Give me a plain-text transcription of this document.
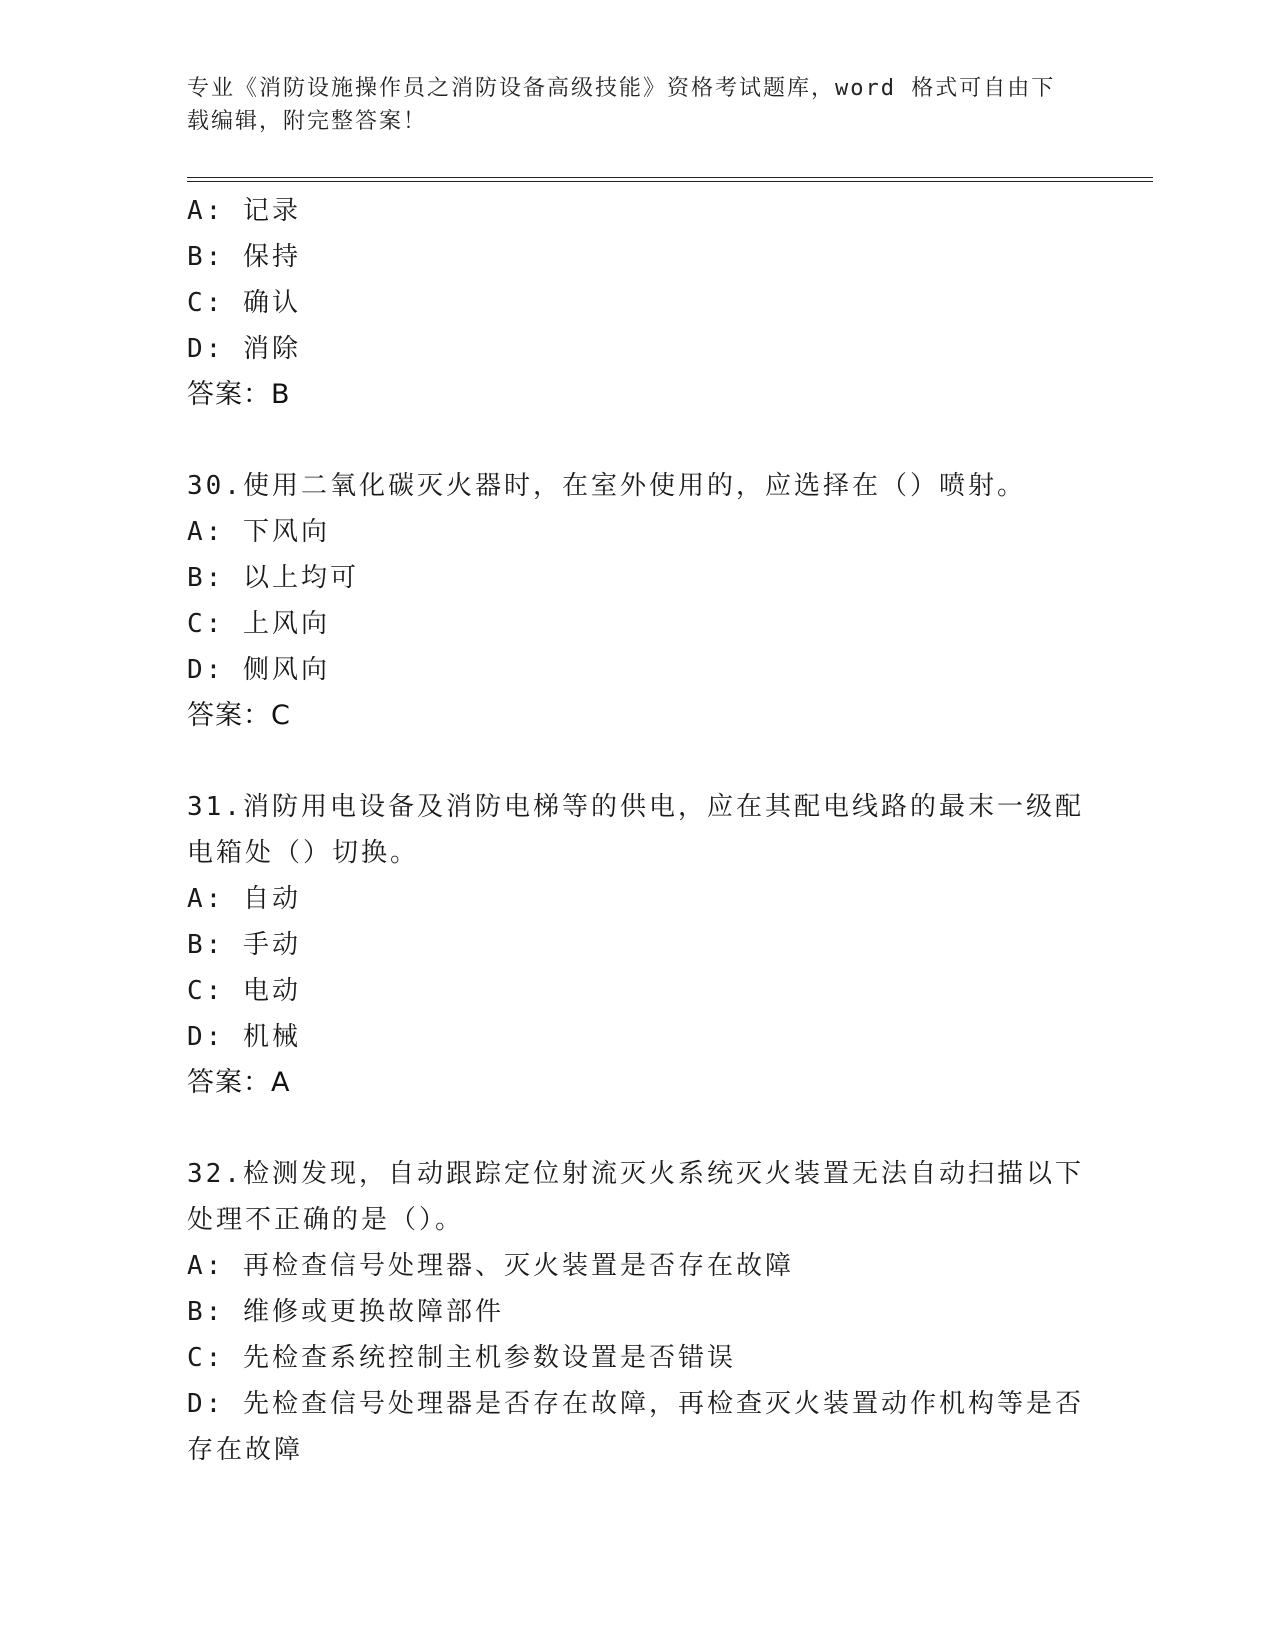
专业《消防设施操作员之消防设备高级技能》资格考试题库，word 格式可自由下
载编辑，附完整答案！
A: 记录
B: 保持
C: 确认
D: 消除
答案：B
30.使用二氧化碳灭火器时，在室外使用的，应选择在（）喷射。
A: 下风向
B: 以上均可
C: 上风向
D: 侧风向
答案：C
31.消防用电设备及消防电梯等的供电，应在其配电线路的最末一级配
电箱处（）切换。
A: 自动
B: 手动
C: 电动
D: 机械
答案：A
32.检测发现，自动跟踪定位射流灭火系统灭火装置无法自动扫描以下
处理不正确的是（）。
A: 再检查信号处理器、灭火装置是否存在故障
B: 维修或更换故障部件
C: 先检查系统控制主机参数设置是否错误
D: 先检查信号处理器是否存在故障，再检查灭火装置动作机构等是否
存在故障
